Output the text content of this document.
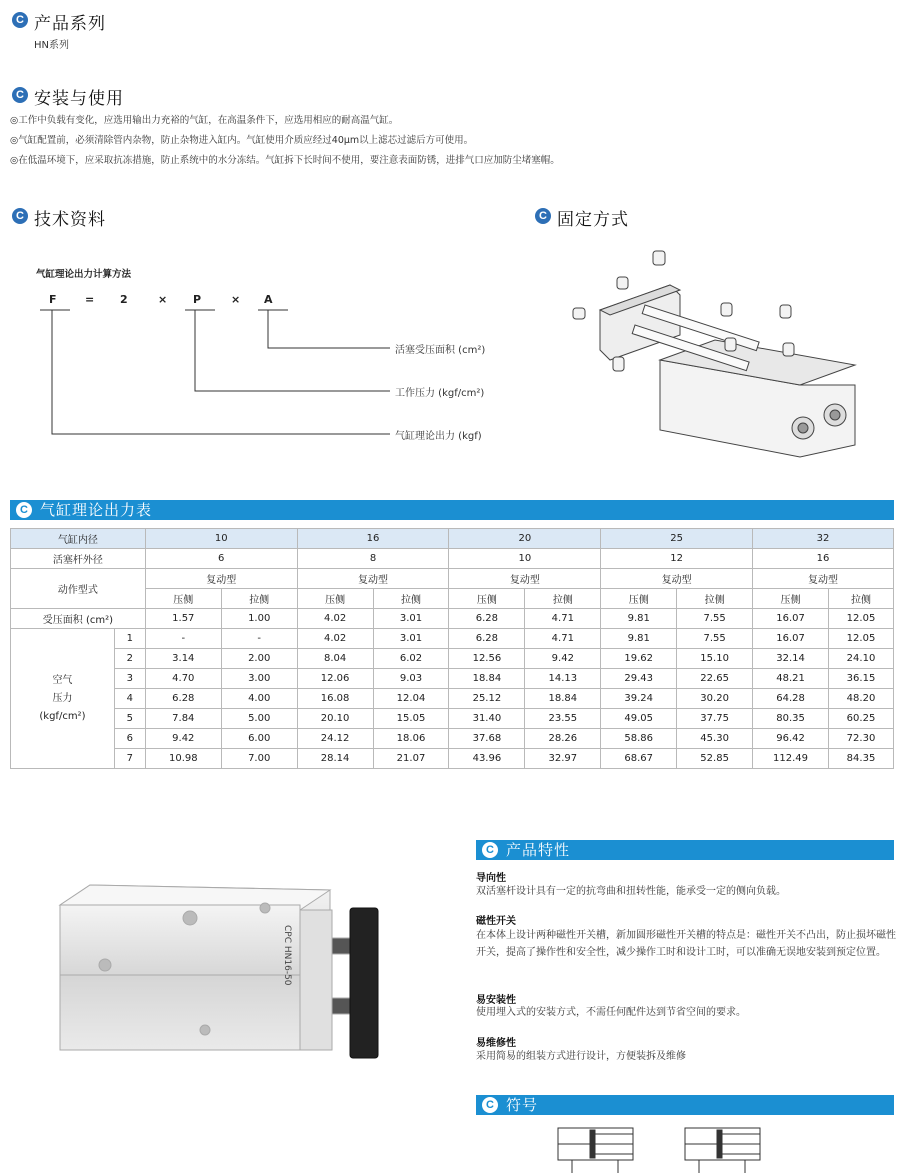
C 产品系列
HN系列
C 安装与使用
◎工作中负载有变化，应选用输出力充裕的气缸，在高温条件下，应选用相应的耐高温气缸。
◎气缸配置前，必须清除管内杂物，防止杂物进入缸内。气缸使用介质应经过40μm以上滤芯过滤后方可使用。
◎在低温环境下，应采取抗冻措施，防止系统中的水分冻结。气缸拆下长时间不使用，要注意表面防锈，进排气口应加防尘堵塞帽。
C 技术资料	C 固定方式
气缸理论出力计算方法
F	= 2	× P	× A
活塞受压面积 (cm²)
工作压力 (kgf/cm²)
气缸理论出力 (kgf)
C 气缸理论出力表
气缸内径		10		16		20		25		32	
活塞杆外径		6		8		10		12		16	
动作型式		复动型		复动型		复动型		复动型		复动型	
		压侧	拉侧	压侧	拉侧	压侧	拉侧	压侧	拉侧	压侧	拉侧
受压面积 (cm²)		1.57	1.00	4.02	3.01	6.28	4.71	9.81	7.55	16.07	12.05
空气
压力
(kgf/cm²)	1	-	-	4.02	3.01	6.28	4.71	9.81	7.55	16.07	12.05
	2	3.14	2.00	8.04	6.02	12.56	9.42	19.62	15.10	32.14	24.10
	3	4.70	3.00	12.06	9.03	18.84	14.13	29.43	22.65	48.21	36.15
	4	6.28	4.00	16.08	12.04	25.12	18.84	39.24	30.20	64.28	48.20
	5	7.84	5.00	20.10	15.05	31.40	23.55	49.05	37.75	80.35	60.25
	6	9.42	6.00	24.12	18.06	37.68	28.26	58.86	45.30	96.42	72.30
	7	10.98	7.00	28.14	21.07	43.96	32.97	68.67	52.85	112.49	84.35
CPC HN16-50
C 产品特性
导向性
双活塞杆设计具有一定的抗弯曲和扭转性能，能承受一定的侧向负载。
磁性开关
在本体上设计两种磁性开关槽，新加圆形磁性开关槽的特点是：磁性开关不凸出，防止损坏磁性开关，提高了操作性和安全性，减少操作工时和设计工时，可以准确无误地安装到预定位置。
易安装性
使用埋入式的安装方式，不需任何配件达到节省空间的要求。
易维修性
采用简易的组装方式进行设计，方便装拆及维修
C 符号
